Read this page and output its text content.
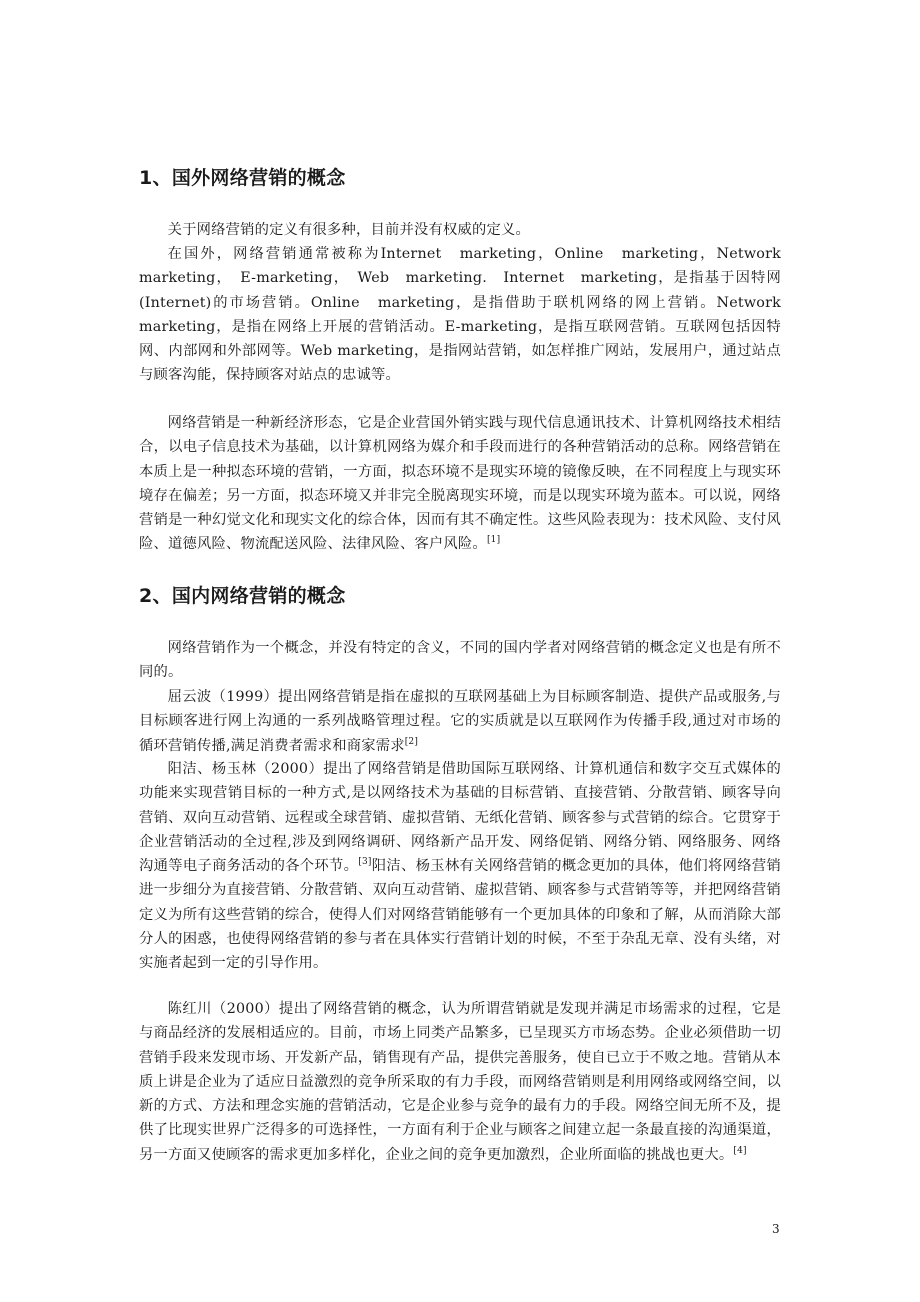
1、国外网络营销的概念

关于网络营销的定义有很多种，目前并没有权威的定义。

在国外，网络营销通常被称为Internet　marketing，Online　marketing，Network　marketing，　E-marketing，　Web　marketing.　Internet　marketing，是指基于因特网(Internet)的市场营销。Online　marketing，是指借助于联机网络的网上营销。Network　marketing，是指在网络上开展的营销活动。E-marketing，是指互联网营销。互联网包括因特网、内部网和外部网等。Web marketing，是指网站营销，如怎样推广网站，发展用户，通过站点与顾客沟能，保持顾客对站点的忠诚等。

网络营销是一种新经济形态，它是企业营国外销实践与现代信息通讯技术、计算机网络技术相结合，以电子信息技术为基础，以计算机网络为媒介和手段而进行的各种营销活动的总称。网络营销在本质上是一种拟态环境的营销，一方面，拟态环境不是现实环境的镜像反映，在不同程度上与现实环境存在偏差；另一方面，拟态环境又并非完全脱离现实环境，而是以现实环境为蓝本。可以说，网络营销是一种幻觉文化和现实文化的综合体，因而有其不确定性。这些风险表现为：技术风险、支付风险、道德风险、物流配送风险、法律风险、客户风险。[1]

2、国内网络营销的概念

网络营销作为一个概念，并没有特定的含义，不同的国内学者对网络营销的概念定义也是有所不同的。

屈云波（1999）提出网络营销是指在虚拟的互联网基础上为目标顾客制造、提供产品或服务,与目标顾客进行网上沟通的一系列战略管理过程。它的实质就是以互联网作为传播手段,通过对市场的循环营销传播,满足消费者需求和商家需求[2]

阳洁、杨玉林（2000）提出了网络营销是借助国际互联网络、计算机通信和数字交互式媒体的功能来实现营销目标的一种方式,是以网络技术为基础的目标营销、直接营销、分散营销、顾客导向营销、双向互动营销、远程或全球营销、虚拟营销、无纸化营销、顾客参与式营销的综合。它贯穿于企业营销活动的全过程,涉及到网络调研、网络新产品开发、网络促销、网络分销、网络服务、网络沟通等电子商务活动的各个环节。[3]阳洁、杨玉林有关网络营销的概念更加的具体，他们将网络营销进一步细分为直接营销、分散营销、双向互动营销、虚拟营销、顾客参与式营销等等，并把网络营销定义为所有这些营销的综合，使得人们对网络营销能够有一个更加具体的印象和了解，从而消除大部分人的困惑，也使得网络营销的参与者在具体实行营销计划的时候，不至于杂乱无章、没有头绪，对实施者起到一定的引导作用。

陈红川（2000）提出了网络营销的概念，认为所谓营销就是发现并满足市场需求的过程，它是与商品经济的发展相适应的。目前，市场上同类产品繁多，已呈现买方市场态势。企业必须借助一切营销手段来发现市场、开发新产品，销售现有产品，提供完善服务，使自已立于不败之地。营销从本质上讲是企业为了适应日益激烈的竞争所采取的有力手段，而网络营销则是利用网络或网络空间，以新的方式、方法和理念实施的营销活动，它是企业参与竞争的最有力的手段。网络空间无所不及，提供了比现实世界广泛得多的可选择性，一方面有利于企业与顾客之间建立起一条最直接的沟通渠道，另一方面又使顾客的需求更加多样化，企业之间的竞争更加激烈，企业所面临的挑战也更大。[4]

3
